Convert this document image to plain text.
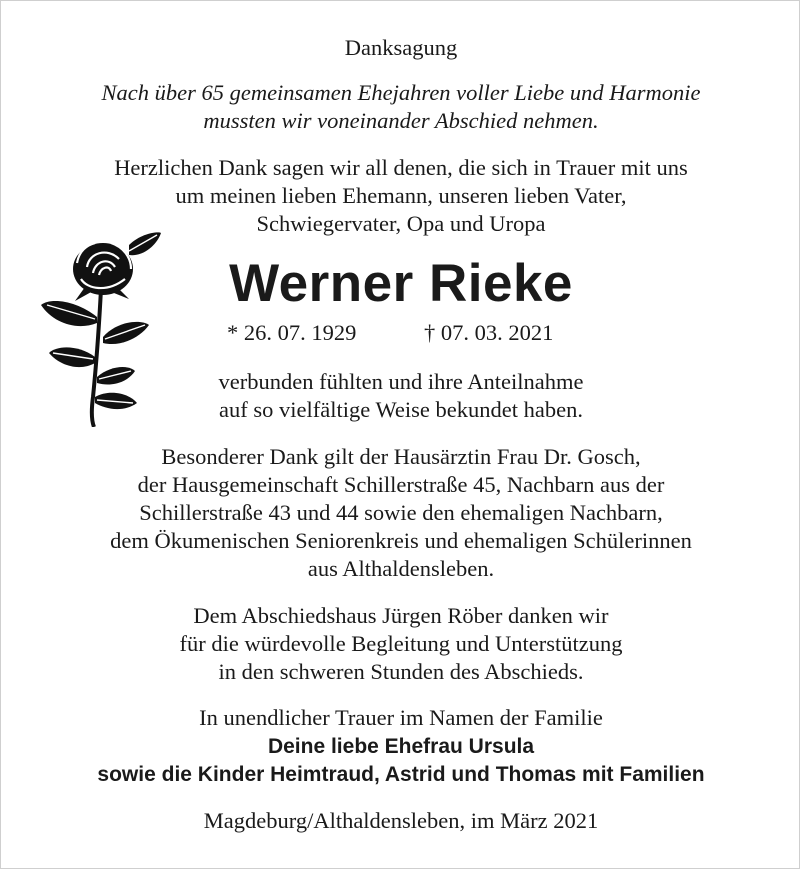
Danksagung
Nach über 65 gemeinsamen Ehejahren voller Liebe und Harmonie
mussten wir voneinander Abschied nehmen.
Herzlichen Dank sagen wir all denen, die sich in Trauer mit uns
um meinen lieben Ehemann, unseren lieben Vater,
Schwiegervater, Opa und Uropa
Werner Rieke
* 26. 07. 1929	† 07. 03. 2021
verbunden fühlten und ihre Anteilnahme
auf so vielfältige Weise bekundet haben.
Besonderer Dank gilt der Hausärztin Frau Dr. Gosch,
der Hausgemeinschaft Schillerstraße 45, Nachbarn aus der
Schillerstraße 43 und 44 sowie den ehemaligen Nachbarn,
dem Ökumenischen Seniorenkreis und ehemaligen Schülerinnen
aus Althaldensleben.
Dem Abschiedshaus Jürgen Röber danken wir
für die würdevolle Begleitung und Unterstützung
in den schweren Stunden des Abschieds.
In unendlicher Trauer im Namen der Familie
Deine liebe Ehefrau Ursula
sowie die Kinder Heimtraud, Astrid und Thomas mit Familien
Magdeburg/Althaldensleben, im März 2021
